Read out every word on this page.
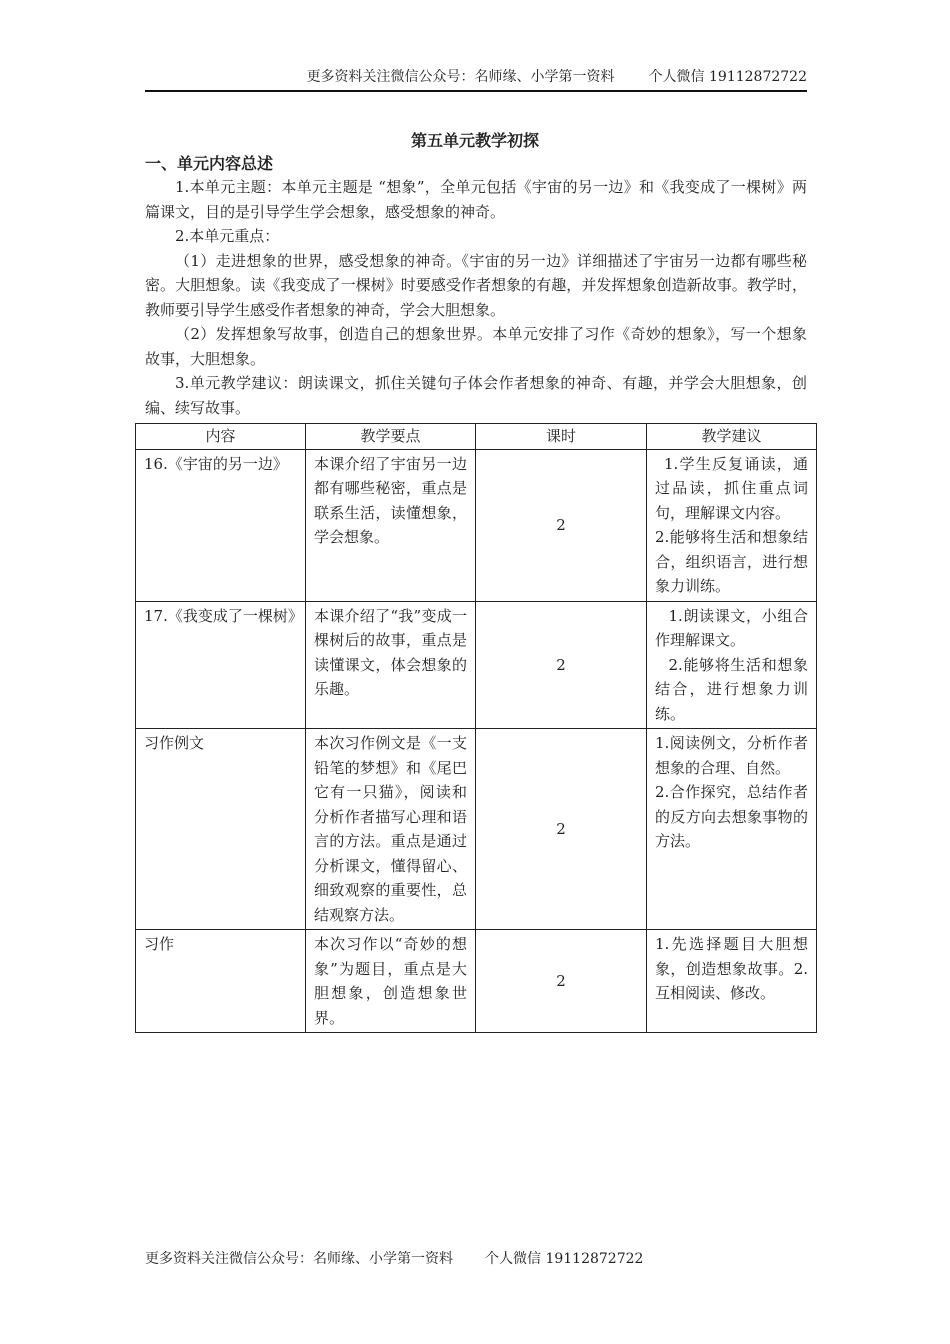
更多资料关注微信公众号：名师缘、小学第一资料 个人微信 19112872722
第五单元教学初探
一、单元内容总述

1.本单元主题：本单元主题是 “想象”，全单元包括《宇宙的另一边》和《我变成了一棵树》两篇课文，目的是引导学生学会想象，感受想象的神奇。

2.本单元重点：

（1）走进想象的世界，感受想象的神奇。《宇宙的另一边》详细描述了宇宙另一边都有哪些秘密。大胆想象。读《我变成了一棵树》时要感受作者想象的有趣，并发挥想象创造新故事。教学时，教师要引导学生感受作者想象的神奇，学会大胆想象。

（2）发挥想象写故事，创造自己的想象世界。本单元安排了习作《奇妙的想象》，写一个想象故事，大胆想象。

3.单元教学建议：朗读课文，抓住关键句子体会作者想象的神奇、有趣，并学会大胆想象，创编、续写故事。

内容	教学要点	课时	教学建议

16.《宇宙的另一边》	本课介绍了宇宙另一边都有哪些秘密，重点是联系生活，读懂想象，学会想象。	2	1.学生反复诵读，通过品读，抓住重点词句，理解课文内容。
2.能够将生活和想象结合，组织语言，进行想象力训练。

17.《我变成了一棵树》	本课介绍了“我”变成一棵树后的故事，重点是读懂课文，体会想象的乐趣。	2	1.朗读课文，小组合作理解课文。
2.能够将生活和想象结合，进行想象力训练。

习作例文	本次习作例文是《一支铅笔的梦想》和《尾巴它有一只猫》，阅读和分析作者描写心理和语言的方法。重点是通过分析课文，懂得留心、细致观察的重要性，总结观察方法。	2	1.阅读例文，分析作者想象的合理、自然。
2.合作探究，总结作者的反方向去想象事物的方法。

习作	本次习作以“奇妙的想象”为题目，重点是大胆想象，创造想象世界。	2	1.先选择题目大胆想象，创造想象故事。2.互相阅读、修改。
更多资料关注微信公众号：名师缘、小学第一资料 个人微信 19112872722
